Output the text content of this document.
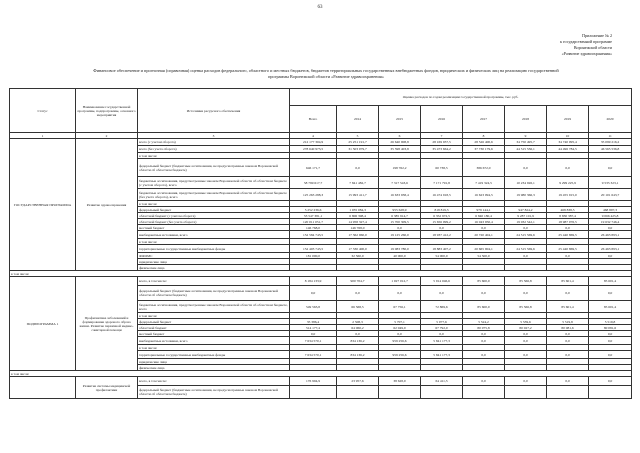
63
Приложение № 2
к государственной программе
Воронежской области
«Развитие здравоохранения»
Финансовое обеспечение и прогнозная (справочная) оценка расходов федерального, областного и местных бюджетов, бюджетов территориальных государственных внебюджетных фондов, юридических и физических лиц на реализацию государственной
программы Воронежской области «Развитие здравоохранения»
Статус	Наименование государственной программы, подпрограммы, основного мероприятия	Источники ресурсного обеспечения	Оценка расходов по годам реализации государственной программы, тыс. руб.							
			Всего	2014	2015	2016	2017	2018	2019	2020
1	2	3	4	5	6	7	8	9	10	11
ГОСУДАРСТВЕННАЯ ПРОГРАММА	Развитие здравоохранения	всего (с учетом оборота)	212 177 304,9	25 251 191,7	26 640 908,8	28 169 937,5	28 526 400,6	34 750 495,7	34 740 095,4	35 099 216,2
		всего (без учета оборота)	278 640 973,5	31 503 079,7	35 598 403,8	35 473 664,2	37 730 179,6	44 515 536,1	44 496 784,5	46 565 536,8
		в том числе:								
		федеральный бюджет (бюджетные ассигнования, не предусмотренные законом Воронежской области об областном бюджете)	646 171,7	0,0	198 762,2	60 738,5	386 672,0	0,0	0,0	0,0
		бюджетные ассигнования, предусмотренные законом Воронежской области об областном бюджете (с учетом оборота), всего	58 799 617,7	7 841 482,7	7 317 543,6	7 171 791,8	7 419 324,5	10 234 926,1	9 299 225,9	9 535 323,1
		бюджетные ассигнования, предусмотренные законом Воронежской области об областном бюджете (без учета оборота), всего	125 263 288,3	15 993 411,7	16 633 938,4	16 474 918,5	16 623 094,5	19 980 366,3	19 455 915,0	20 101 643,7
		в том числе:								
		федеральный бюджет	5 252 236,6	1 035 084,3	955 628,9	818 819,3	979 144,1	947 824,2	468 838,5	468 897,3
		областной бюджет (с учетом оборота)	53 547 381,1	6 806 398,4	6 385 914,7	6 352 972,5	6 840 180,4	9 287 101,9	8 830 387,4	9 066 425,8
		областной бюджет (без учета оборота)	120 011 051,7	14 958 327,4	15 700 309,5	15 656 099,2	16 043 950,4	19 032 542,1	18 987 076,5	19 632 746,4
		местный бюджет	146 768,0	146 768,0	0,0	0,0	0,0	0,0	0,0	0,0
		внебюджетные источники, всего	152 584 743,5	17 362 960,0	19 125 260,0	18 937 412,2	20 720 404,1	24 515 569,6	25 440 869,5	26 463 893,1
		в том числе:								
		территориальные государственные внебюджетные фонды	152 403 743,5	17 330 400,0	19 083 780,0	18 883 407,2	20 665 904,1	24 515 569,6	25 440 869,5	26 463 893,1
		ФФОМС	181 000,0	32 560,0	40 000,0	54 000,0	54 500,0	0,0	0,0	0,0
		юридические лица								
		физические лица								
в том числе:										
ПОДПРОГРАММА 1	Профилактика заболеваний и формирование здорового образа жизни. Развитие первичной медико-санитарной помощи	всего, в том числе:	8 184 133,9	900 704,7	1 027 012,7	5 914 046,6	85 600,0	85 566,8	85 601,4	85 601,4
		федеральный бюджет (бюджетные ассигнования, не предусмотренные законом Воронежской области об областном бюджете)	0,0	0,0	0,0	0,0	0,0	0,0	0,0	0,0
		бюджетные ассигнования, предусмотренные законом Воронежской области об областном бюджете, всего	549 563,8	66 568,5	67 756,1	72 869,6	85 600,0	85 566,8	85 601,4	85 601,4
		в том числе:								
		федеральный бюджет	35 386,4	2 508,3	5 707,1	5 077,6	5 524,2	5 539,6	5 519,8	5 519,8
		областной бюджет	514 177,4	64 060,2	62 049,0	67 792,0	80 075,8	80 027,2	80 081,6	80 081,6
		местный бюджет	0,0	0,0	0,0	0,0	0,0	0,0	0,0	0,0
		внебюджетные источники, всего	7 634 570,1	834 136,2	959 256,6	5 841 177,3	0,0	0,0	0,0	0,0
		в том числе:								
		территориальные государственные внебюджетные фонды	7 634 570,1	834 136,2	959 256,6	5 841 177,3	0,0	0,0	0,0	0,0
		юридические лица								
		физические лица								
в том числе:										
	Развитие системы медицинской профилактики	всего, в том числе:	176 994,9	23 957,6	38 628,0	64 411,3	0,0	0,0	0,0	0,0
		федеральный бюджет (бюджетные ассигнования, не предусмотренные законом Воронежской области об областном бюджете)								
